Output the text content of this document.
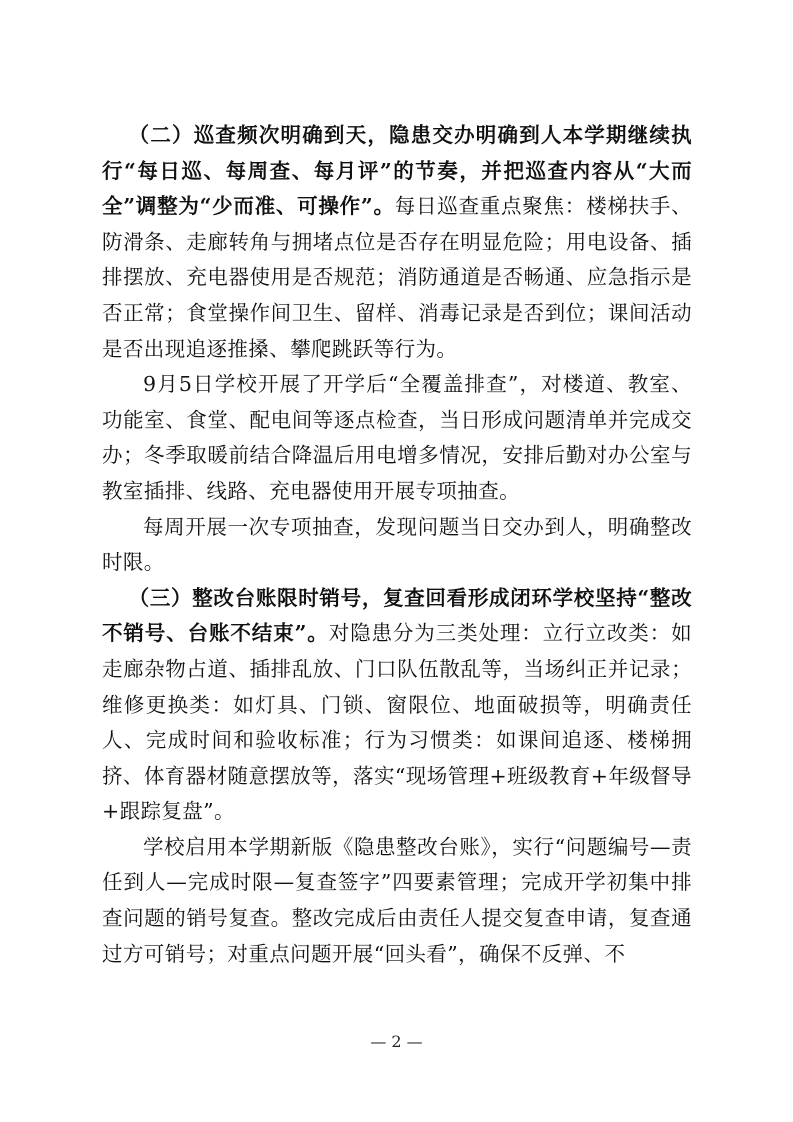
（二）巡查频次明确到天，隐患交办明确到人本学期继续执行“每日巡、每周查、每月评”的节奏，并把巡查内容从“大而全”调整为“少而准、可操作”。每日巡查重点聚焦：楼梯扶手、防滑条、走廊转角与拥堵点位是否存在明显危险；用电设备、插排摆放、充电器使用是否规范；消防通道是否畅通、应急指示是否正常；食堂操作间卫生、留样、消毒记录是否到位；课间活动是否出现追逐推搡、攀爬跳跃等行为。

9月5日学校开展了开学后“全覆盖排查”，对楼道、教室、功能室、食堂、配电间等逐点检查，当日形成问题清单并完成交办；冬季取暖前结合降温后用电增多情况，安排后勤对办公室与教室插排、线路、充电器使用开展专项抽查。

每周开展一次专项抽查，发现问题当日交办到人，明确整改时限。

（三）整改台账限时销号，复查回看形成闭环学校坚持“整改不销号、台账不结束”。对隐患分为三类处理：立行立改类：如走廊杂物占道、插排乱放、门口队伍散乱等，当场纠正并记录；维修更换类：如灯具、门锁、窗限位、地面破损等，明确责任人、完成时间和验收标准；行为习惯类：如课间追逐、楼梯拥挤、体育器材随意摆放等，落实“现场管理+班级教育+年级督导+跟踪复盘”。

学校启用本学期新版《隐患整改台账》，实行“问题编号—责任到人—完成时限—复查签字”四要素管理；完成开学初集中排查问题的销号复查。整改完成后由责任人提交复查申请，复查通过方可销号；对重点问题开展“回头看”，确保不反弹、不

— 2 —
